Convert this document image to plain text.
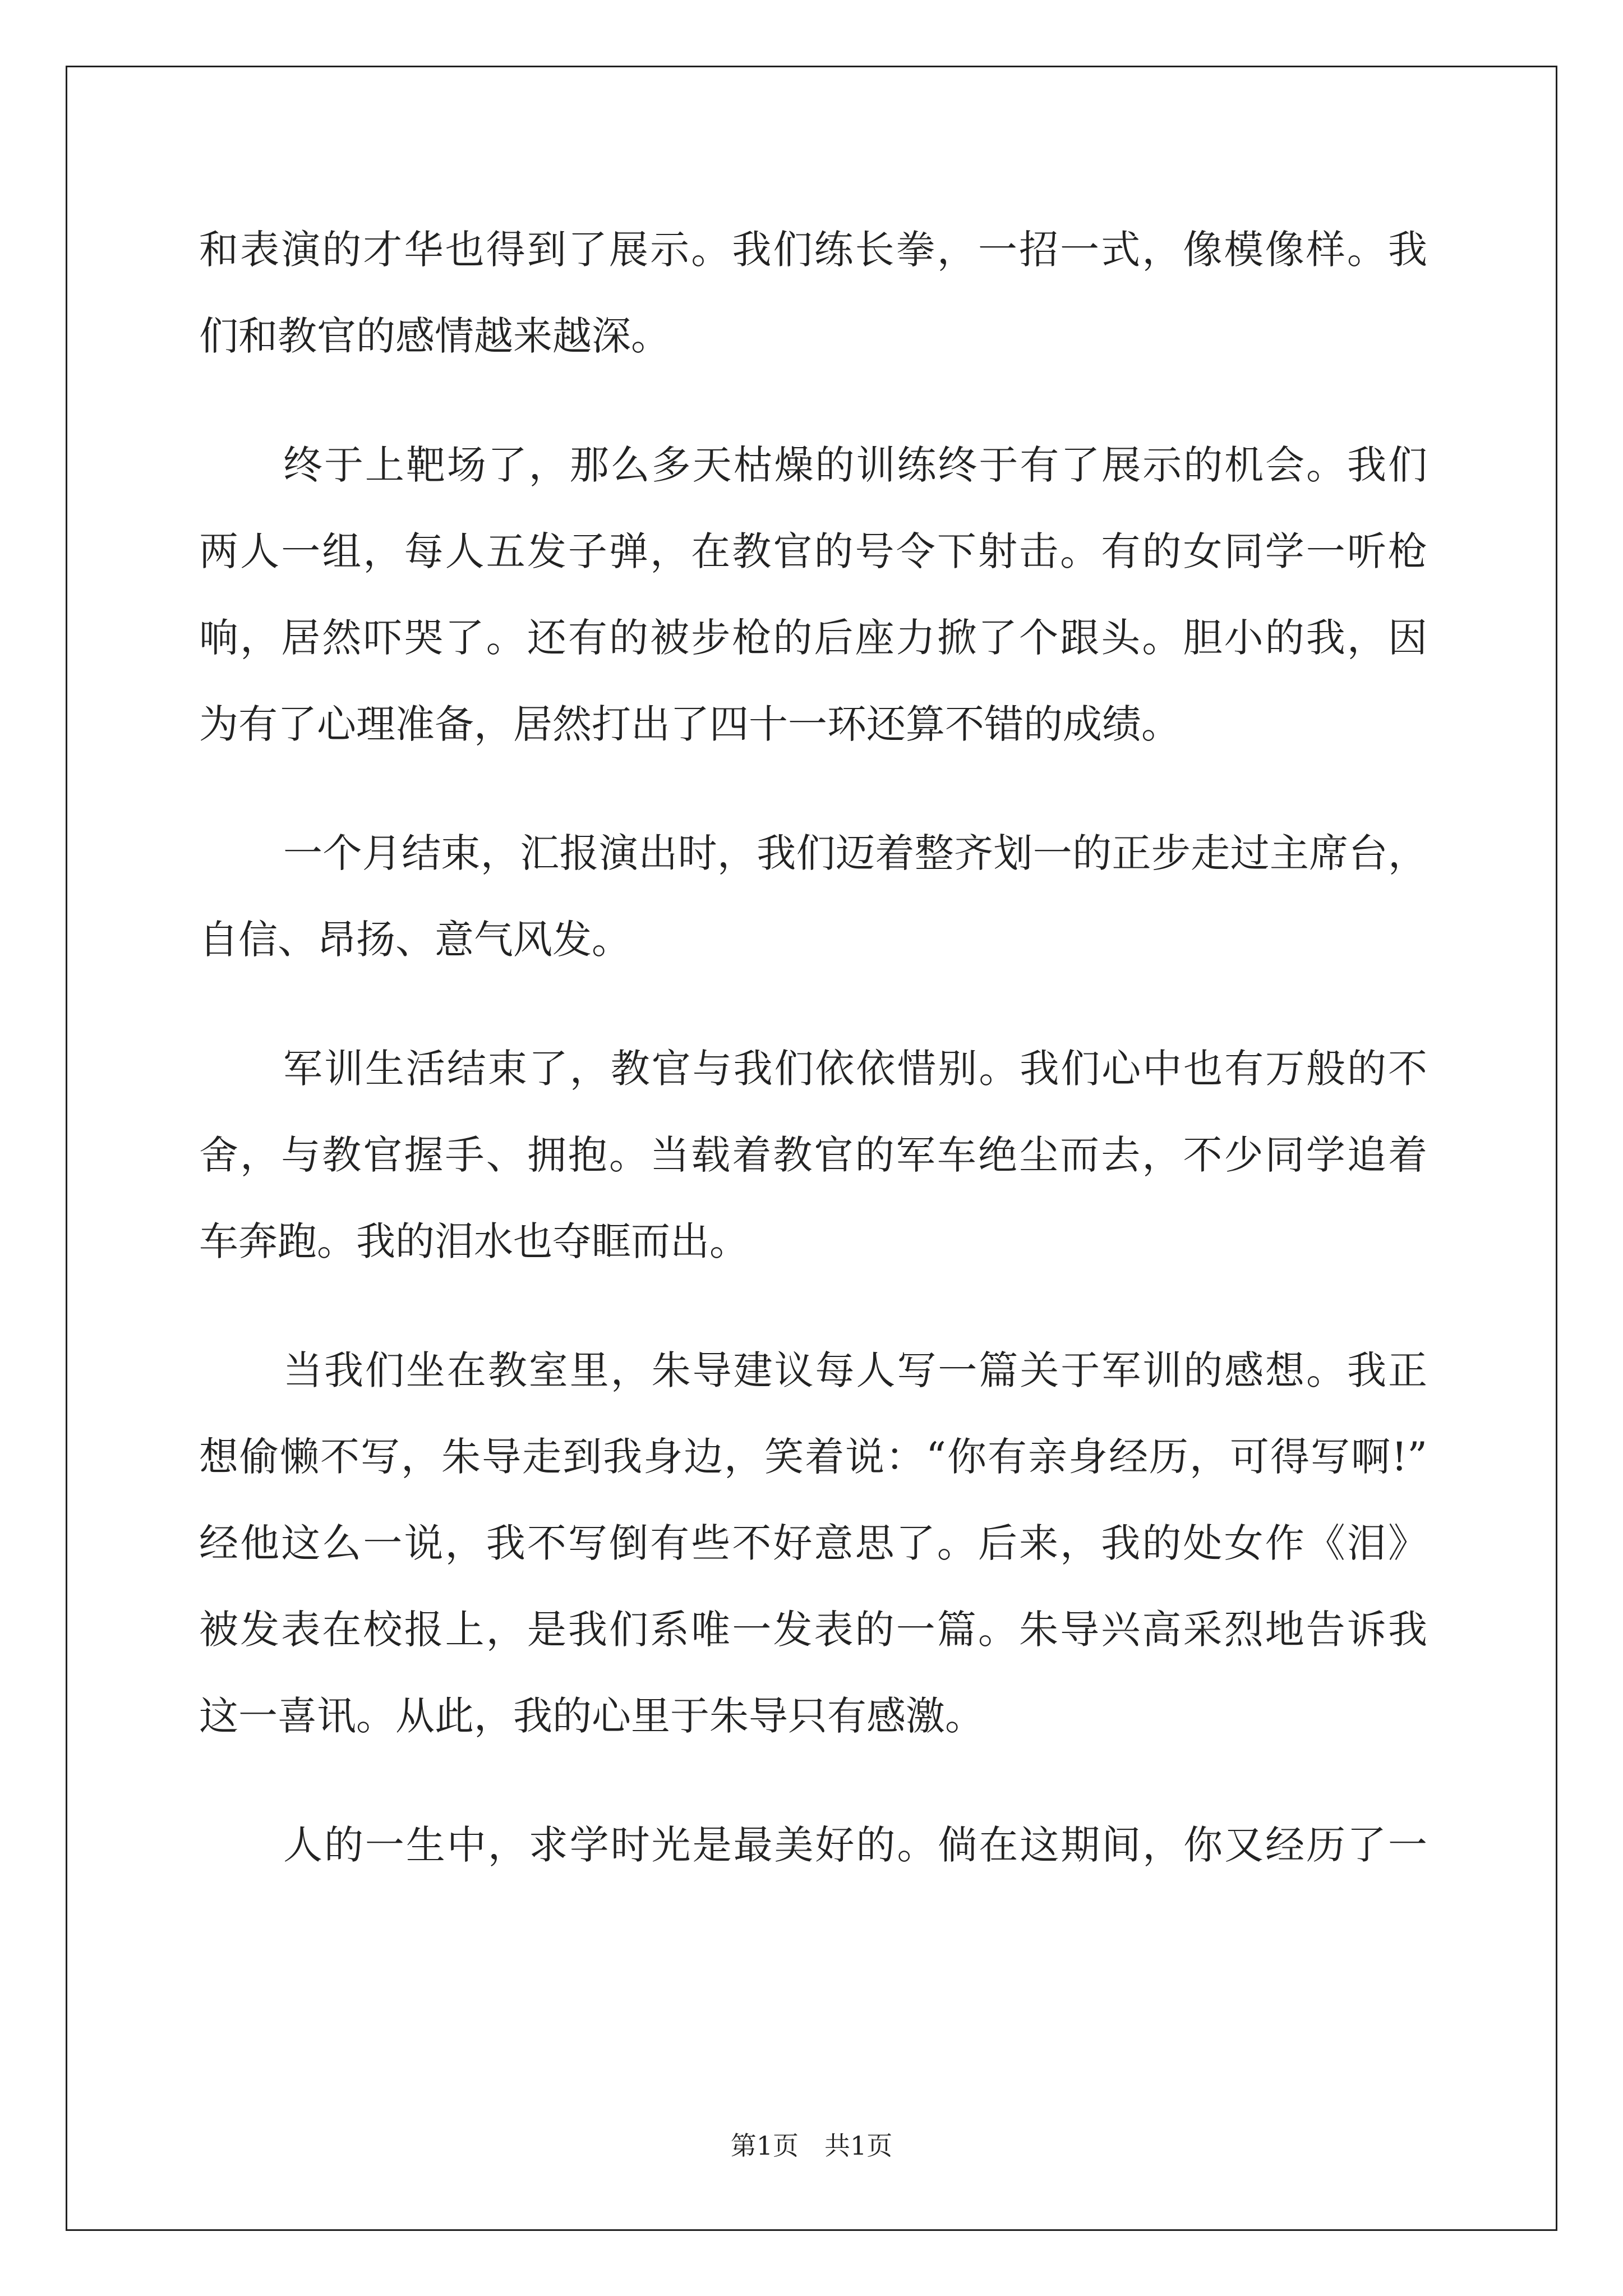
和表演的才华也得到了展示。我们练长拳，一招一式，像模像样。我
们和教官的感情越来越深。
终于上靶场了，那么多天枯燥的训练终于有了展示的机会。我们
两人一组，每人五发子弹，在教官的号令下射击。有的女同学一听枪
响，居然吓哭了。还有的被步枪的后座力掀了个跟头。胆小的我，因
为有了心理准备，居然打出了四十一环还算不错的成绩。
一个月结束，汇报演出时，我们迈着整齐划一的正步走过主席台，
自信、昂扬、意气风发。
军训生活结束了，教官与我们依依惜别。我们心中也有万般的不
舍，与教官握手、拥抱。当载着教官的军车绝尘而去，不少同学追着
车奔跑。我的泪水也夺眶而出。
当我们坐在教室里，朱导建议每人写一篇关于军训的感想。我正
想偷懒不写，朱导走到我身边，笑着说：“你有亲身经历，可得写啊!”
经他这么一说，我不写倒有些不好意思了。后来，我的处女作《泪》
被发表在校报上，是我们系唯一发表的一篇。朱导兴高采烈地告诉我
这一喜讯。从此，我的心里于朱导只有感激。
人的一生中，求学时光是最美好的。倘在这期间，你又经历了一
第1页　共1页
